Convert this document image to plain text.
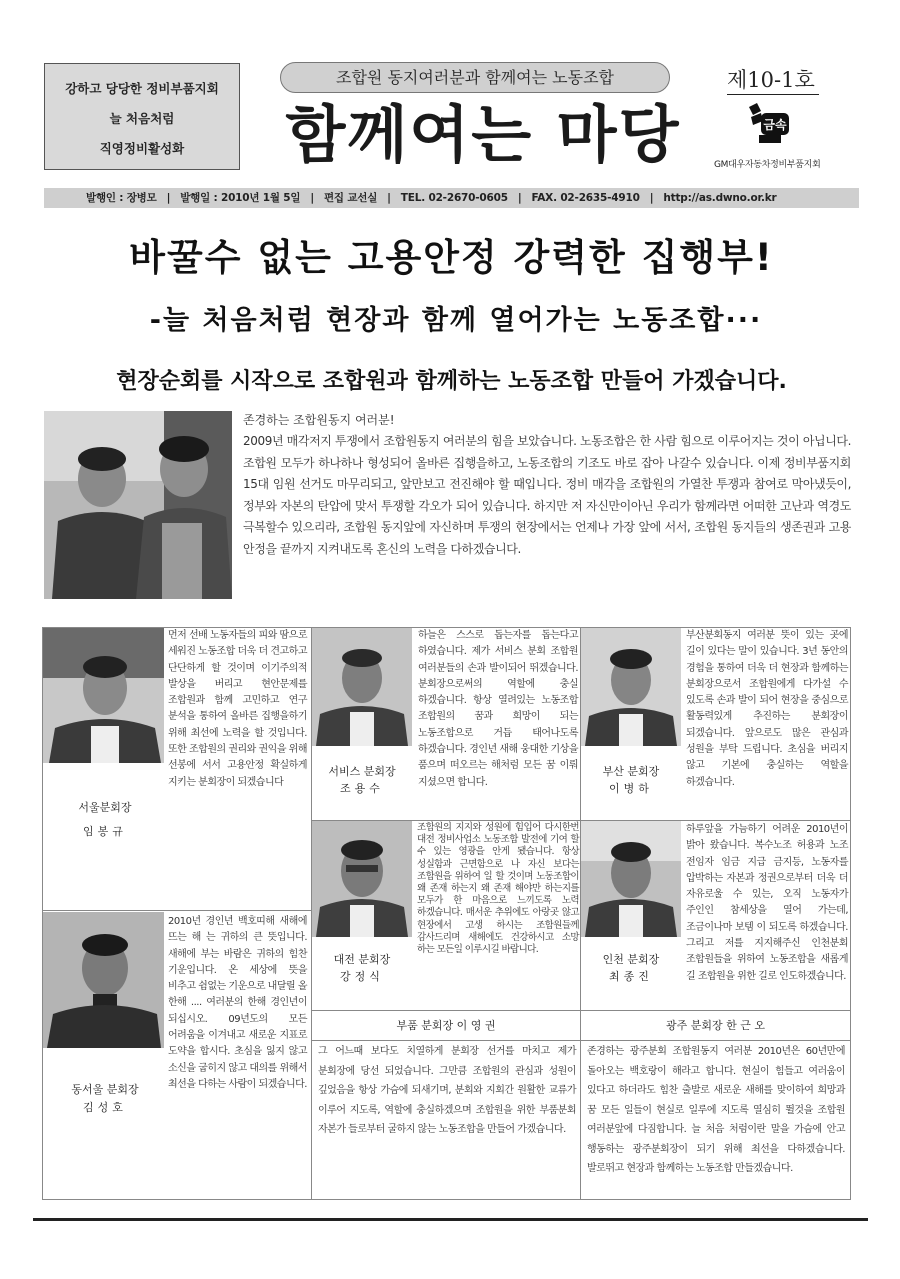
강하고 당당한 정비부품지회
늘 처음처럼
직영정비활성화
조합원 동지여러분과 함께여는 노동조합
함께여는 마당
제10-1호
금속
GM대우자동차정비부품지회
발행인 : 장병모 | 발행일 : 2010년 1월 5일 | 편집 교선실 | TEL. 02-2670-0605 | FAX. 02-2635-4910 | http://as.dwno.or.kr
바꿀수 없는 고용안정 강력한 집행부!
-늘 처음처럼 현장과 함께 열어가는 노동조합···
현장순회를 시작으로 조합원과 함께하는 노동조합 만들어 가겠습니다.
존경하는 조합원동지 여러분!
2009년 매각저지 투쟁에서 조합원동지 여러분의 힘을 보았습니다. 노동조합은 한 사람 힘으로 이루어지는 것이 아닙니다. 조합원 모두가 하나하나 형성되어 올바른 집행을하고, 노동조합의 기조도 바로 잡아 나갈수 있습니다. 이제 정비부품지회 15대 임원 선거도 마무리되고, 앞만보고 전진해야 할 때입니다. 정비 매각을 조합원의 가열찬 투쟁과 참여로 막아냈듯이, 정부와 자본의 탄압에 맞서 투쟁할 각오가 되어 있습니다. 하지만 저 자신만이아닌 우리가 함께라면 어떠한 고난과 역경도 극복할수 있으리라, 조합원 동지앞에 자신하며 투쟁의 현장에서는 언제나 가장 앞에 서서, 조합원 동지들의 생존권과 고용 안정을 끝까지 지켜내도록 혼신의 노력을 다하겠습니다.
먼저 선배 노동자들의 피와 땀으로 세워진 노동조합 더욱 더 견고하고 단단하게 할 것이며 이기주의적 발상을 버리고 현안문제를 조합원과 함께 고민하고 연구 분석을 통하여 올바른 집행을하기 위해 최선에 노력을 할 것입니다. 또한 조합원의 권리와 권익을 위해 선봉에 서서 고용안정 확실하게 지키는 분회장이 되겠습니다
서울분회장
임봉규
하늘은 스스로 돕는자를 돕는다고 하였습니다. 제가 서비스 분회 조합원 여러분들의 손과 발이되어 뛰겠습니다. 분회장으로써의 역할에 충실 하겠습니다. 항상 열려있는 노동조합 조합원의 꿈과 희망이 되는 노동조합으로 거듭 태어나도록 하겠습니다. 경인년 새해 웅대한 기상을 품으며 떠오르는 해처럼 모든 꿈 이뤄 지셨으면 합니다.
서비스 분회장
조용수
부산분회동지 여러분 뜻이 있는 곳에 길이 있다는 말이 있습니다. 3년 동안의 경험을 통하여 더욱 더 현장과 함께하는 분회장으로서 조합원에게 다가설 수 있도록 손과 발이 되어 현장을 중심으로 활동력있게 추진하는 분회장이 되겠습니다. 앞으로도 많은 관심과 성원을 부탁 드립니다. 초심을 버리지 않고 기본에 충실하는 역할을 하겠습니다.
부산 분회장
이병하
조합원의 지지와 성원에 힘입어 다시한번 대전 정비사업소 노동조합 발전에 기여 할 수 있는 영광을 안게 됐습니다. 항상 성실함과 근면함으로 나 자신 보다는 조합원을 위하여 일 할 것이며 노동조합이 왜 존재 하는지 왜 존재 해야만 하는지를 모두가 한 마음으로 느끼도록 노력 하겠습니다. 매서운 추위에도 아랑곳 않고 현장에서 고생 하시는 조합원들께 감사드리며 새해에도 건강하시고 소망 하는 모든일 이루시길 바랍니다.
대전 분회장
강정식
하루앞을 가늠하기 어려운 2010년이 밝아 왔습니다. 복수노조 허용과 노조 전임자 임금 지급 금지등, 노동자를 압박하는 자본과 정권으로부터 더욱 더 자유로울 수 있는, 오직 노동자가 주인인 참세상을 열어 가는데, 조금이나마 보템 이 되도록 하겠습니다. 그리고 저를 지지해주신 인천분회 조합원들을 위하여 노동조합을 새롭게 길 조합원을 위한 길로 인도하겠습니다.
인천 분회장
최종진
2010년 경인년 백호띠해 새해에 뜨는 해 는 귀하의 큰 뜻입니다. 새해에 부는 바람은 귀하의 힘찬 기운입니다. 온 세상에 뜻을 비추고 쉼없는 기운으로 내달릴 올 한해 .... 여러분의 한해 경인년이 되십시오. 09년도의 모든 어려움을 이겨내고 새로운 지표로 도약을 합시다. 초심을 잃지 않고 소신을 굽히지 않고 대의를 위해서 최선을 다하는 사람이 되겠습니다.
동서울 분회장
김성호
부품 분회장 이 영 권
그 어느때 보다도 치열하게 분회장 선거를 마치고 제가 분회장에 당선 되었습니다. 그만큼 조합원의 관심과 성원이 깊었음을 항상 가슴에 되새기며, 분회와 지회간 원활한 교류가 이루어 지도록, 역할에 충실하겠으며 조합원을 위한 부품분회 자본가 들로부터 굴하지 않는 노동조합을 만들어 가겠습니다.
광주 분회장 한 근 오
존경하는 광주분회 조합원동지 여러분 2010년은 60년만에 돌아오는 백호랑이 해라고 합니다. 현실이 힘들고 여러움이 있다고 하더라도 힘찬 출발로 새로운 새해를 맞이하여 희망과 꿈 모든 일들이 현실로 일루에 지도록 열심히 뛸것을 조합원 여러분앞에 다짐합니다. 늘 처음 처럼이란 말을 가슴에 안고 행동하는 광주분회장이 되기 위해 최선을 다하겠습니다. 발로뛰고 현장과 함께하는 노동조합 만들겠습니다.
